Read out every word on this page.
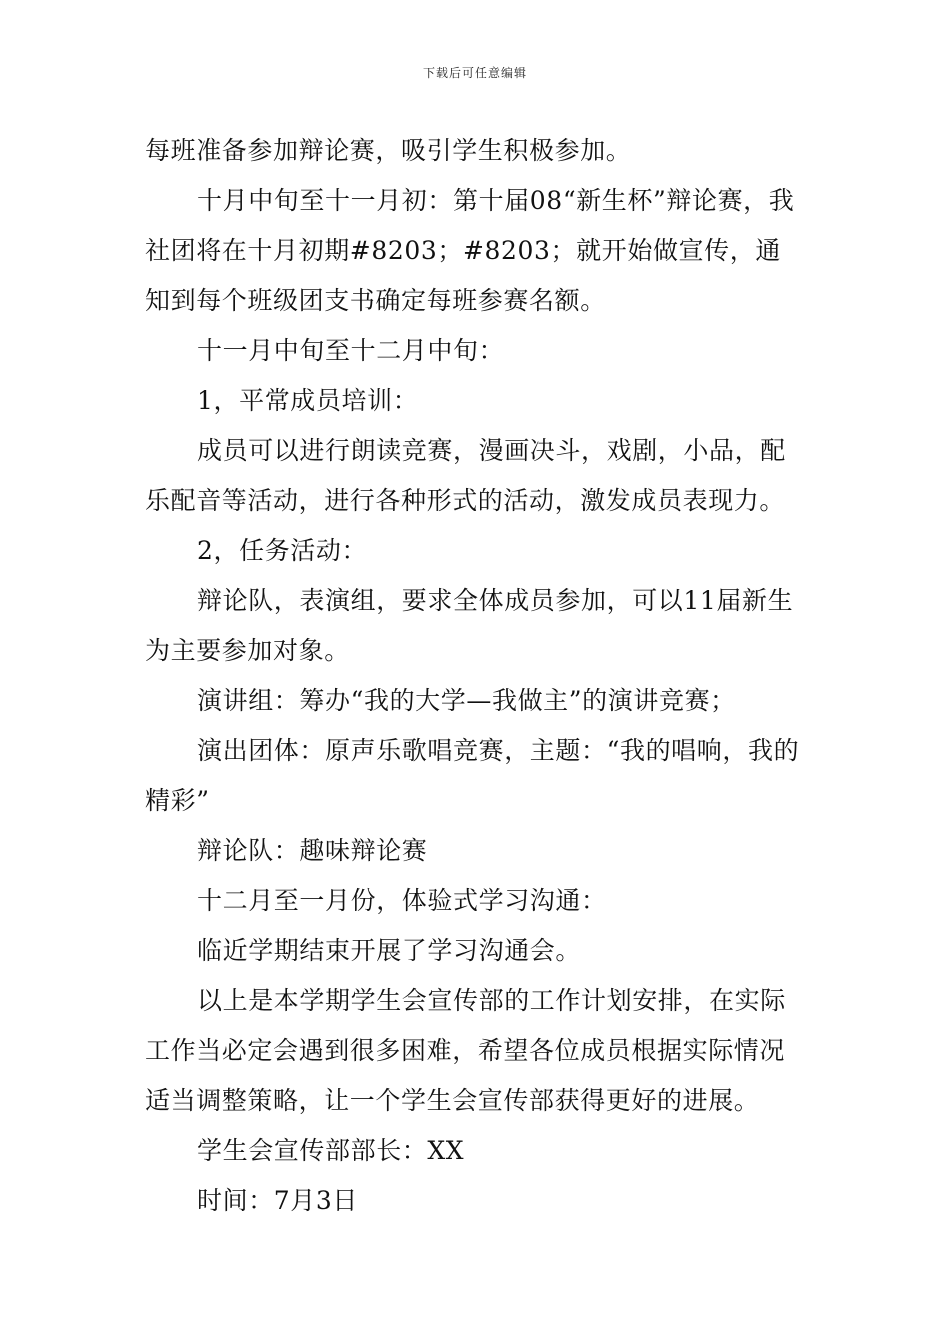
下载后可任意编辑

每班准备参加辩论赛，吸引学生积极参加。

十月中旬至十一月初：第十届08“新生杯”辩论赛，我社团将在十月初期#8203；#8203；就开始做宣传，通知到每个班级团支书确定每班参赛名额。

十一月中旬至十二月中旬：

1，平常成员培训：

成员可以进行朗读竞赛，漫画决斗，戏剧，小品，配乐配音等活动，进行各种形式的活动，激发成员表现力。

2，任务活动：

辩论队，表演组，要求全体成员参加，可以11届新生为主要参加对象。

演讲组：筹办“我的大学—我做主”的演讲竞赛；

演出团体：原声乐歌唱竞赛，主题：“我的唱响，我的精彩”

辩论队：趣味辩论赛

十二月至一月份，体验式学习沟通：

临近学期结束开展了学习沟通会。

以上是本学期学生会宣传部的工作计划安排，在实际工作当必定会遇到很多困难，希望各位成员根据实际情况适当调整策略，让一个学生会宣传部获得更好的进展。

学生会宣传部部长：XX

时间：7月3日
